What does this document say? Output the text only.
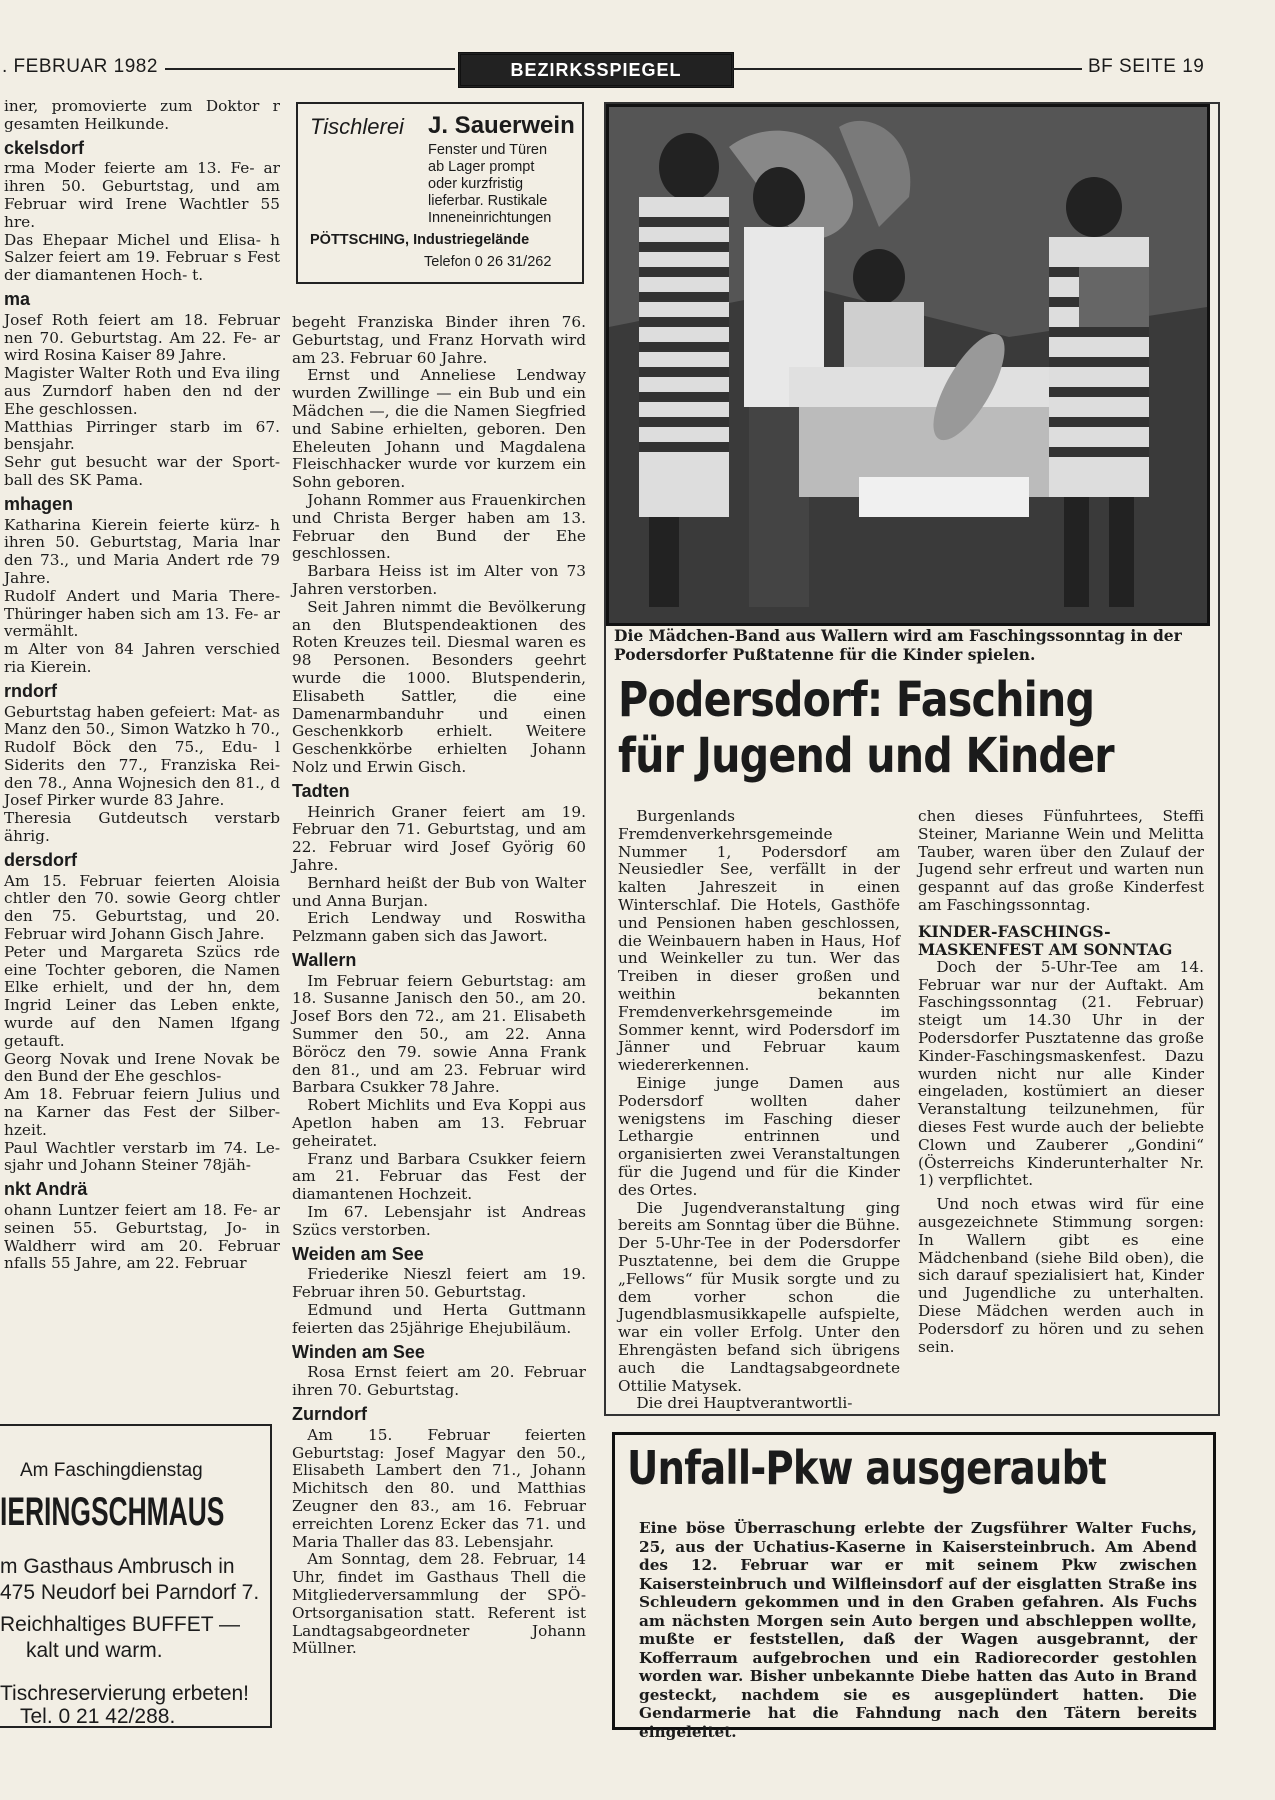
. FEBRUAR 1982	BEZIRKSSPIEGEL	BF SEITE 19

iner, promovierte zum Doktor r gesamten Heilkunde.

ckelsdorf

rma Moder feierte am 13. Fe- ar ihren 50. Geburtstag, und am Februar wird Irene Wachtler 55 hre.

Das Ehepaar Michel und Elisa- h Salzer feiert am 19. Februar s Fest der diamantenen Hoch- t.

ma

Josef Roth feiert am 18. Februar nen 70. Geburtstag. Am 22. Fe- ar wird Rosina Kaiser 89 Jahre.

Magister Walter Roth und Eva iling aus Zurndorf haben den nd der Ehe geschlossen.

Matthias Pirringer starb im 67. bensjahr.

Sehr gut besucht war der Sport- ball des SK Pama.

mhagen

Katharina Kierein feierte kürz- h ihren 50. Geburtstag, Maria lnar den 73., und Maria Andert rde 79 Jahre.

Rudolf Andert und Maria There- Thüringer haben sich am 13. Fe- ar vermählt.

m Alter von 84 Jahren verschied ria Kierein.

rndorf

Geburtstag haben gefeiert: Mat- as Manz den 50., Simon Watzko h 70., Rudolf Böck den 75., Edu- l Siderits den 77., Franziska Rei- den 78., Anna Wojnesich den 81., d Josef Pirker wurde 83 Jahre.

Theresia Gutdeutsch verstarb ährig.

dersdorf

Am 15. Februar feierten Aloisia chtler den 70. sowie Georg chtler den 75. Geburtstag, und 20. Februar wird Johann Gisch Jahre.

Peter und Margareta Szücs rde eine Tochter geboren, die Namen Elke erhielt, und der hn, dem Ingrid Leiner das Leben enkte, wurde auf den Namen lfgang getauft.

Georg Novak und Irene Novak be den Bund der Ehe geschlos-

Am 18. Februar feiern Julius und na Karner das Fest der Silber- hzeit.

Paul Wachtler verstarb im 74. Le- sjahr und Johann Steiner 78jäh-

nkt Andrä

ohann Luntzer feiert am 18. Fe- ar seinen 55. Geburtstag, Jo- in Waldherr wird am 20. Februar nfalls 55 Jahre, am 22. Februar

Tischlerei J. Sauerwein
Fenster und Türen
ab Lager prompt
oder kurzfristig
lieferbar. Rustikale
Inneneinrichtungen
PÖTTSCHING, Industriegelände
Telefon 0 26 31/262

begeht Franziska Binder ihren 76. Geburtstag, und Franz Horvath wird am 23. Februar 60 Jahre.

Ernst und Anneliese Lendway wurden Zwillinge — ein Bub und ein Mädchen —, die die Namen Siegfried und Sabine erhielten, geboren. Den Eheleuten Johann und Magdalena Fleischhacker wurde vor kurzem ein Sohn geboren.

Johann Rommer aus Frauenkirchen und Christa Berger haben am 13. Februar den Bund der Ehe geschlossen.

Barbara Heiss ist im Alter von 73 Jahren verstorben.

Seit Jahren nimmt die Bevölkerung an den Blutspendeaktionen des Roten Kreuzes teil. Diesmal waren es 98 Personen. Besonders geehrt wurde die 1000. Blutspenderin, Elisabeth Sattler, die eine Damenarmbanduhr und einen Geschenkkorb erhielt. Weitere Geschenkkörbe erhielten Johann Nolz und Erwin Gisch.

Tadten

Heinrich Graner feiert am 19. Februar den 71. Geburtstag, und am 22. Februar wird Josef Györig 60 Jahre.

Bernhard heißt der Bub von Walter und Anna Burjan.

Erich Lendway und Roswitha Pelzmann gaben sich das Jawort.

Wallern

Im Februar feiern Geburtstag: am 18. Susanne Janisch den 50., am 20. Josef Bors den 72., am 21. Elisabeth Summer den 50., am 22. Anna Böröcz den 79. sowie Anna Frank den 81., und am 23. Februar wird Barbara Csukker 78 Jahre.

Robert Michlits und Eva Koppi aus Apetlon haben am 13. Februar geheiratet.

Franz und Barbara Csukker feiern am 21. Februar das Fest der diamantenen Hochzeit.

Im 67. Lebensjahr ist Andreas Szücs verstorben.

Weiden am See

Friederike Nieszl feiert am 19. Februar ihren 50. Geburtstag.

Edmund und Herta Guttmann feierten das 25jährige Ehejubiläum.

Winden am See

Rosa Ernst feiert am 20. Februar ihren 70. Geburtstag.

Zurndorf

Am 15. Februar feierten Geburtstag: Josef Magyar den 50., Elisabeth Lambert den 71., Johann Michitsch den 80. und Matthias Zeugner den 83., am 16. Februar erreichten Lorenz Ecker das 71. und Maria Thaller das 83. Lebensjahr.

Am Sonntag, dem 28. Februar, 14 Uhr, findet im Gasthaus Thell die Mitgliederversammlung der SPÖ-Ortsorganisation statt. Referent ist Landtagsabgeordneter Johann Müllner.

Die Mädchen-Band aus Wallern wird am Faschingssonntag in der Podersdorfer Pußtatenne für die Kinder spielen.
Podersdorf: Fasching
für Jugend und Kinder

Burgenlands Fremdenverkehrsgemeinde Nummer 1, Podersdorf am Neusiedler See, verfällt in der kalten Jahreszeit in einen Winterschlaf. Die Hotels, Gasthöfe und Pensionen haben geschlossen, die Weinbauern haben in Haus, Hof und Weinkeller zu tun. Wer das Treiben in dieser großen und weithin bekannten Fremdenverkehrsgemeinde im Sommer kennt, wird Podersdorf im Jänner und Februar kaum wiedererkennen.

Einige junge Damen aus Podersdorf wollten daher wenigstens im Fasching dieser Lethargie entrinnen und organisierten zwei Veranstaltungen für die Jugend und für die Kinder des Ortes.

Die Jugendveranstaltung ging bereits am Sonntag über die Bühne. Der 5-Uhr-Tee in der Podersdorfer Pusztatenne, bei dem die Gruppe „Fellows“ für Musik sorgte und zu dem vorher schon die Jugendblasmusikkapelle aufspielte, war ein voller Erfolg. Unter den Ehrengästen befand sich übrigens auch die Landtagsabgeordnete Ottilie Matysek.

Die drei Hauptverantwortli-

chen dieses Fünfuhrtees, Steffi Steiner, Marianne Wein und Melitta Tauber, waren über den Zulauf der Jugend sehr erfreut und warten nun gespannt auf das große Kinderfest am Faschingssonntag.

KINDER-FASCHINGS-
MASKENFEST AM SONNTAG

Doch der 5-Uhr-Tee am 14. Februar war nur der Auftakt. Am Faschingssonntag (21. Februar) steigt um 14.30 Uhr in der Podersdorfer Pusztatenne das große Kinder-Faschingsmaskenfest. Dazu wurden nicht nur alle Kinder eingeladen, kostümiert an dieser Veranstaltung teilzunehmen, für dieses Fest wurde auch der beliebte Clown und Zauberer „Gondini“ (Österreichs Kinderunterhalter Nr. 1) verpflichtet.

Und noch etwas wird für eine ausgezeichnete Stimmung sorgen: In Wallern gibt es eine Mädchenband (siehe Bild oben), die sich darauf spezialisiert hat, Kinder und Jugendliche zu unterhalten. Diese Mädchen werden auch in Podersdorf zu hören und zu sehen sein.

Unfall-Pkw ausgeraubt
Eine böse Überraschung erlebte der Zugsführer Walter Fuchs, 25, aus der Uchatius-Kaserne in Kaisersteinbruch. Am Abend des 12. Februar war er mit seinem Pkw zwischen Kaisersteinbruch und Wilfleinsdorf auf der eisglatten Straße ins Schleudern gekommen und in den Graben gefahren. Als Fuchs am nächsten Morgen sein Auto bergen und abschleppen wollte, mußte er feststellen, daß der Wagen ausgebrannt, der Kofferraum aufgebrochen und ein Radiorecorder gestohlen worden war. Bisher unbekannte Diebe hatten das Auto in Brand gesteckt, nachdem sie es ausgeplündert hatten. Die Gendarmerie hat die Fahndung nach den Tätern bereits eingeleitet.
Am Faschingdienstag
IERINGSCHMAUS
m Gasthaus Ambrusch in
475 Neudorf bei Parndorf 7.
Reichhaltiges BUFFET —
kalt und warm.
Tischreservierung erbeten!
Tel. 0 21 42/288.
